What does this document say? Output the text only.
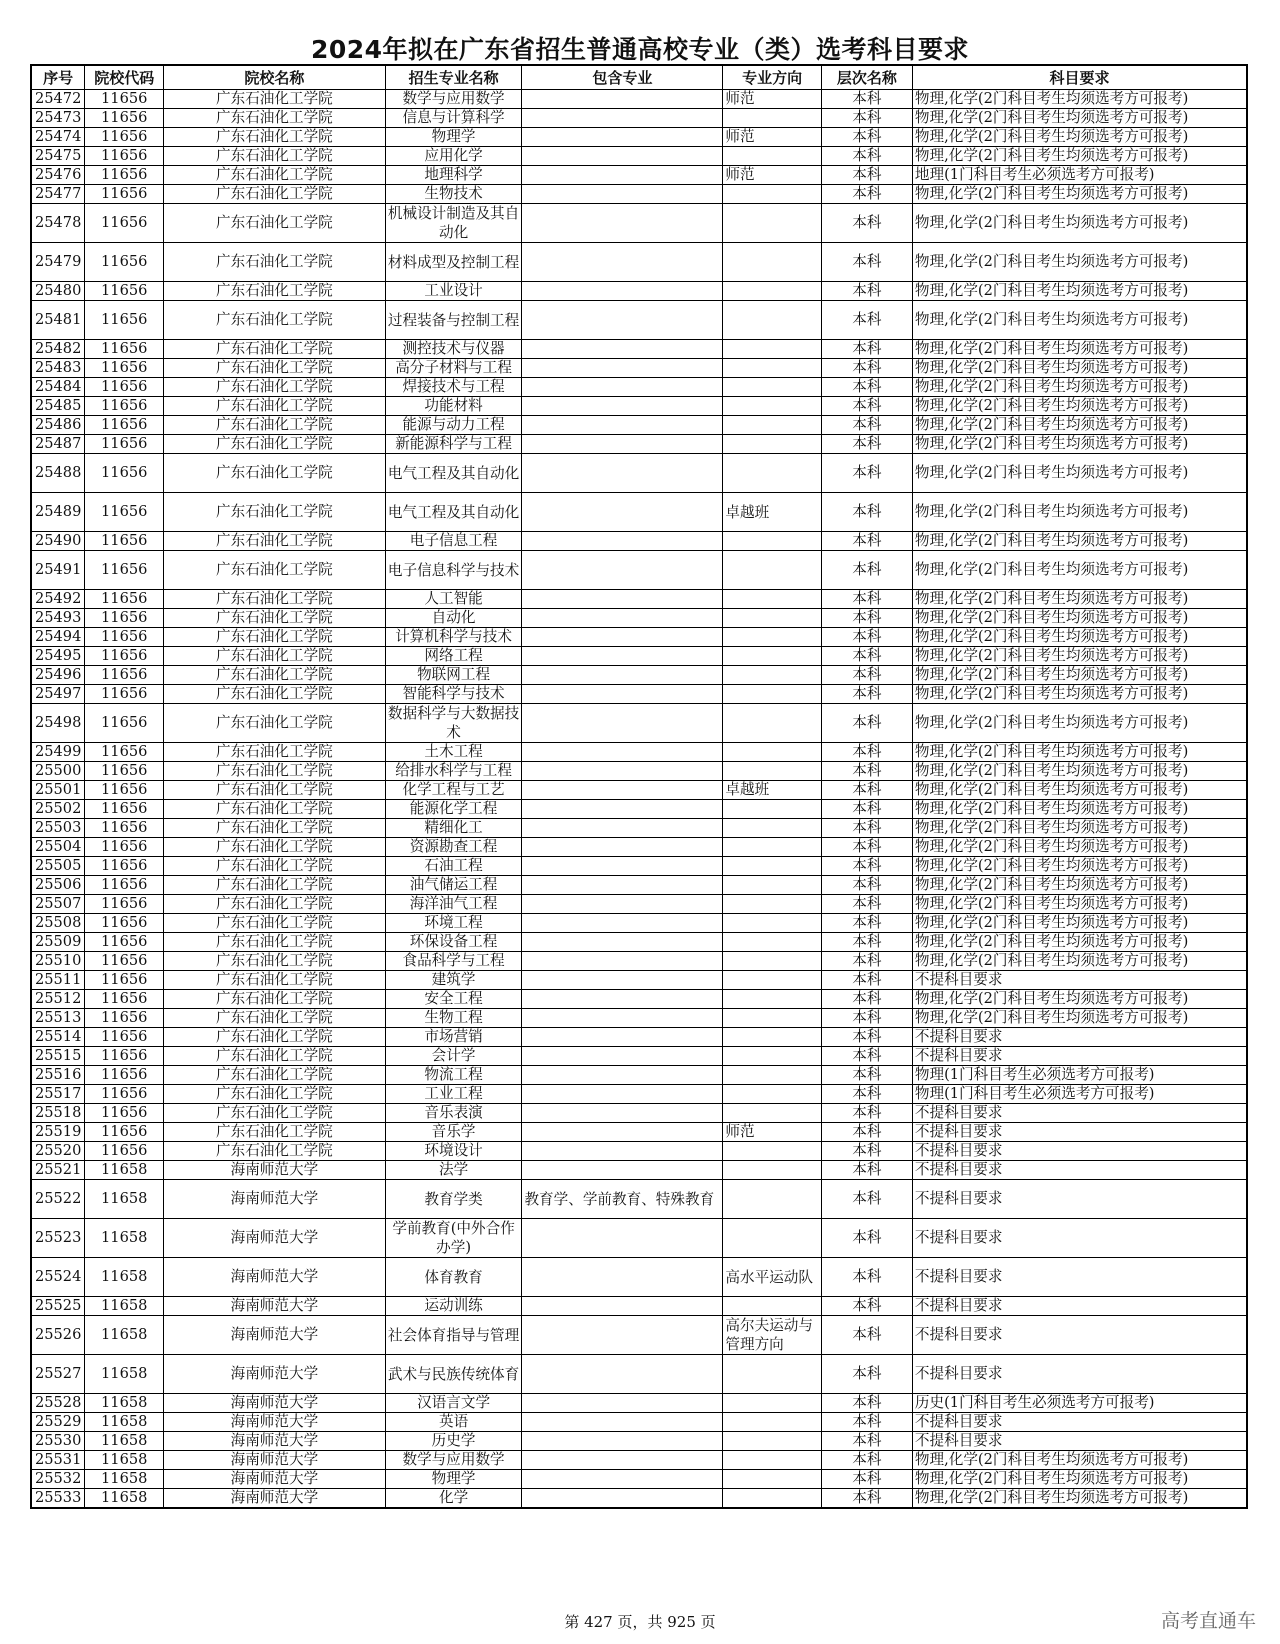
2024年拟在广东省招生普通高校专业（类）选考科目要求
序号	院校代码	院校名称	招生专业名称	包含专业	专业方向	层次名称	科目要求
25472	11656	广东石油化工学院	数学与应用数学		师范	本科	物理,化学(2门科目考生均须选考方可报考)

25473	11656	广东石油化工学院	信息与计算科学			本科	物理,化学(2门科目考生均须选考方可报考)

25474	11656	广东石油化工学院	物理学		师范	本科	物理,化学(2门科目考生均须选考方可报考)

25475	11656	广东石油化工学院	应用化学			本科	物理,化学(2门科目考生均须选考方可报考)

25476	11656	广东石油化工学院	地理科学		师范	本科	地理(1门科目考生必须选考方可报考)

25477	11656	广东石油化工学院	生物技术			本科	物理,化学(2门科目考生均须选考方可报考)

25478	11656	广东石油化工学院	机械设计制造及其自动化			本科	物理,化学(2门科目考生均须选考方可报考)

25479	11656	广东石油化工学院	材料成型及控制工程			本科	物理,化学(2门科目考生均须选考方可报考)

25480	11656	广东石油化工学院	工业设计			本科	物理,化学(2门科目考生均须选考方可报考)

25481	11656	广东石油化工学院	过程装备与控制工程			本科	物理,化学(2门科目考生均须选考方可报考)

25482	11656	广东石油化工学院	测控技术与仪器			本科	物理,化学(2门科目考生均须选考方可报考)

25483	11656	广东石油化工学院	高分子材料与工程			本科	物理,化学(2门科目考生均须选考方可报考)

25484	11656	广东石油化工学院	焊接技术与工程			本科	物理,化学(2门科目考生均须选考方可报考)

25485	11656	广东石油化工学院	功能材料			本科	物理,化学(2门科目考生均须选考方可报考)

25486	11656	广东石油化工学院	能源与动力工程			本科	物理,化学(2门科目考生均须选考方可报考)

25487	11656	广东石油化工学院	新能源科学与工程			本科	物理,化学(2门科目考生均须选考方可报考)

25488	11656	广东石油化工学院	电气工程及其自动化			本科	物理,化学(2门科目考生均须选考方可报考)

25489	11656	广东石油化工学院	电气工程及其自动化		卓越班	本科	物理,化学(2门科目考生均须选考方可报考)

25490	11656	广东石油化工学院	电子信息工程			本科	物理,化学(2门科目考生均须选考方可报考)

25491	11656	广东石油化工学院	电子信息科学与技术			本科	物理,化学(2门科目考生均须选考方可报考)

25492	11656	广东石油化工学院	人工智能			本科	物理,化学(2门科目考生均须选考方可报考)

25493	11656	广东石油化工学院	自动化			本科	物理,化学(2门科目考生均须选考方可报考)

25494	11656	广东石油化工学院	计算机科学与技术			本科	物理,化学(2门科目考生均须选考方可报考)

25495	11656	广东石油化工学院	网络工程			本科	物理,化学(2门科目考生均须选考方可报考)

25496	11656	广东石油化工学院	物联网工程			本科	物理,化学(2门科目考生均须选考方可报考)

25497	11656	广东石油化工学院	智能科学与技术			本科	物理,化学(2门科目考生均须选考方可报考)

25498	11656	广东石油化工学院	数据科学与大数据技术			本科	物理,化学(2门科目考生均须选考方可报考)

25499	11656	广东石油化工学院	土木工程			本科	物理,化学(2门科目考生均须选考方可报考)

25500	11656	广东石油化工学院	给排水科学与工程			本科	物理,化学(2门科目考生均须选考方可报考)

25501	11656	广东石油化工学院	化学工程与工艺		卓越班	本科	物理,化学(2门科目考生均须选考方可报考)

25502	11656	广东石油化工学院	能源化学工程			本科	物理,化学(2门科目考生均须选考方可报考)

25503	11656	广东石油化工学院	精细化工			本科	物理,化学(2门科目考生均须选考方可报考)

25504	11656	广东石油化工学院	资源勘查工程			本科	物理,化学(2门科目考生均须选考方可报考)

25505	11656	广东石油化工学院	石油工程			本科	物理,化学(2门科目考生均须选考方可报考)

25506	11656	广东石油化工学院	油气储运工程			本科	物理,化学(2门科目考生均须选考方可报考)

25507	11656	广东石油化工学院	海洋油气工程			本科	物理,化学(2门科目考生均须选考方可报考)

25508	11656	广东石油化工学院	环境工程			本科	物理,化学(2门科目考生均须选考方可报考)

25509	11656	广东石油化工学院	环保设备工程			本科	物理,化学(2门科目考生均须选考方可报考)

25510	11656	广东石油化工学院	食品科学与工程			本科	物理,化学(2门科目考生均须选考方可报考)

25511	11656	广东石油化工学院	建筑学			本科	不提科目要求

25512	11656	广东石油化工学院	安全工程			本科	物理,化学(2门科目考生均须选考方可报考)

25513	11656	广东石油化工学院	生物工程			本科	物理,化学(2门科目考生均须选考方可报考)

25514	11656	广东石油化工学院	市场营销			本科	不提科目要求

25515	11656	广东石油化工学院	会计学			本科	不提科目要求

25516	11656	广东石油化工学院	物流工程			本科	物理(1门科目考生必须选考方可报考)

25517	11656	广东石油化工学院	工业工程			本科	物理(1门科目考生必须选考方可报考)

25518	11656	广东石油化工学院	音乐表演			本科	不提科目要求

25519	11656	广东石油化工学院	音乐学		师范	本科	不提科目要求

25520	11656	广东石油化工学院	环境设计			本科	不提科目要求

25521	11658	海南师范大学	法学			本科	不提科目要求

25522	11658	海南师范大学	教育学类	教育学、学前教育、特殊教育		本科	不提科目要求

25523	11658	海南师范大学	学前教育(中外合作办学)			本科	不提科目要求

25524	11658	海南师范大学	体育教育		高水平运动队	本科	不提科目要求

25525	11658	海南师范大学	运动训练			本科	不提科目要求

25526	11658	海南师范大学	社会体育指导与管理		高尔夫运动与管理方向	本科	不提科目要求

25527	11658	海南师范大学	武术与民族传统体育			本科	不提科目要求

25528	11658	海南师范大学	汉语言文学			本科	历史(1门科目考生必须选考方可报考)

25529	11658	海南师范大学	英语			本科	不提科目要求

25530	11658	海南师范大学	历史学			本科	不提科目要求

25531	11658	海南师范大学	数学与应用数学			本科	物理,化学(2门科目考生均须选考方可报考)

25532	11658	海南师范大学	物理学			本科	物理,化学(2门科目考生均须选考方可报考)

25533	11658	海南师范大学	化学			本科	物理,化学(2门科目考生均须选考方可报考)
第 427 页，共 925 页	高考直通车
